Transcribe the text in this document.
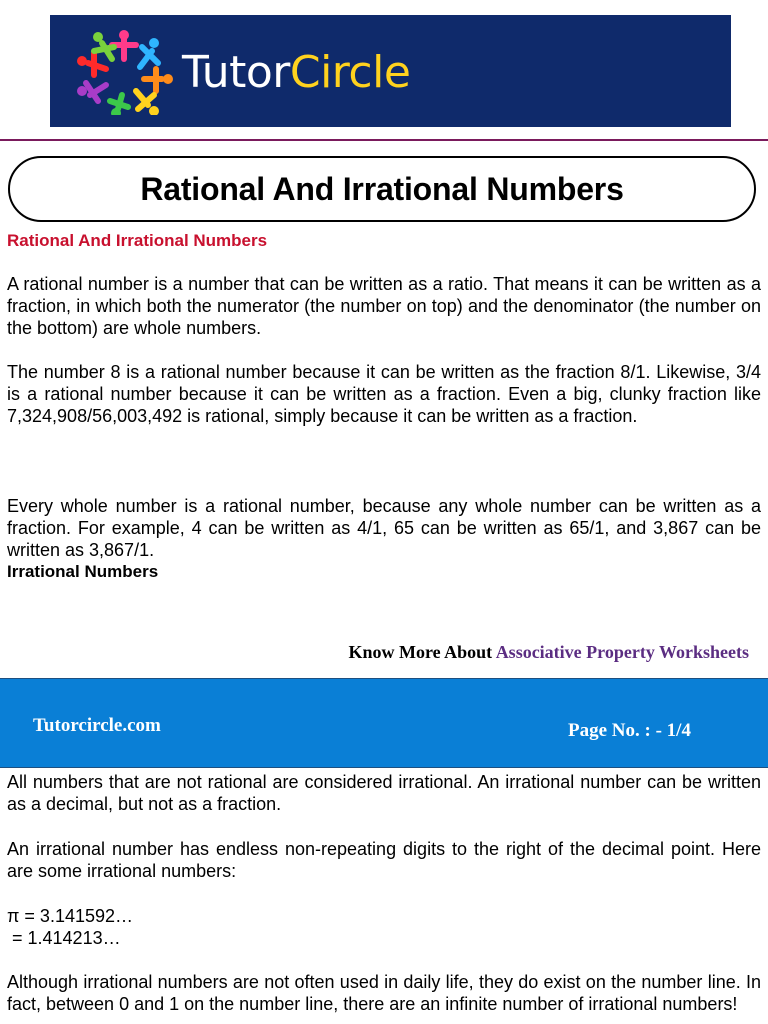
TutorCircle
Rational And Irrational Numbers
Rational And Irrational Numbers

A rational number is a number that can be written as a ratio. That means it can be written as a fraction, in which both the numerator (the number on top) and the denominator (the number on the bottom) are whole numbers.

The number 8 is a rational number because it can be written as the fraction 8/1. Likewise, 3/4 is a rational number because it can be written as a fraction. Even a big, clunky fraction like 7,324,908/56,003,492 is rational, simply because it can be written as a fraction.

Every whole number is a rational number, because any whole number can be written as a fraction. For example, 4 can be written as 4/1, 65 can be written as 65/1, and 3,867 can be written as 3,867/1.

Irrational Numbers
Know More About Associative Property Worksheets
Tutorcircle.com	Page No. : - 1/4

All numbers that are not rational are considered irrational. An irrational number can be written as a decimal, but not as a fraction.

An irrational number has endless non-repeating digits to the right of the decimal point. Here are some irrational numbers:

π = 3.141592…
= 1.414213…

Although irrational numbers are not often used in daily life, they do exist on the number line. In fact, between 0 and 1 on the number line, there are an infinite number of irrational numbers!
